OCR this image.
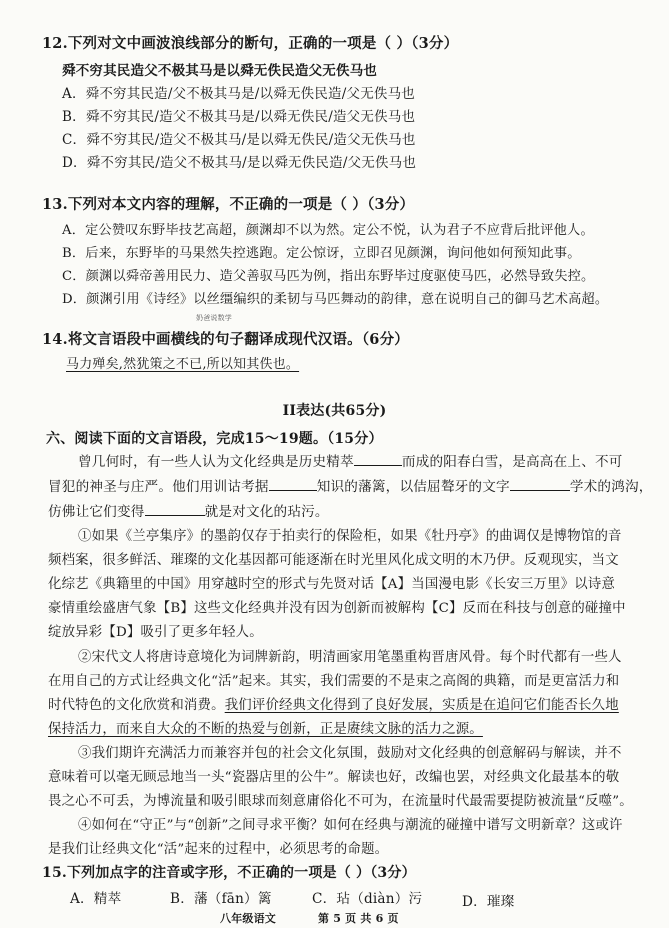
12.下列对文中画波浪线部分的断句，正确的一项是（ ）（3分）
舜不穷其民造父不极其马是以舜无佚民造父无佚马也
A．舜不穷其民造/父不极其马是/以舜无佚民造/父无佚马也
B．舜不穷其民/造父不极其马是/以舜无佚民/造父无佚马也
C．舜不穷其民/造父不极其马/是以舜无佚民/造父无佚马也
D．舜不穷其民/造父不极其马/是以舜无佚民造/父无佚马也
13.下列对本文内容的理解，不正确的一项是（ ）（3分）
A．定公赞叹东野毕技艺高超，颜渊却不以为然。定公不悦，认为君子不应背后批评他人。
B．后来，东野毕的马果然失控逃跑。定公惊讶，立即召见颜渊，询问他如何预知此事。
C．颜渊以舜帝善用民力、造父善驭马匹为例，指出东野毕过度驱使马匹，必然导致失控。
D．颜渊引用《诗经》以丝缰编织的柔韧与马匹舞动的韵律，意在说明自己的御马艺术高超。
奶爸说数学
14.将文言语段中画横线的句子翻译成现代汉语。（6分）
马力殚矣,然犹策之不已,所以知其佚也。
II表达(共65分)
六、阅读下面的文言语段，完成15～19题。（15分）
曾几何时，有一些人认为文化经典是历史精萃	而成的阳春白雪，是高高在上、不可
冒犯的神圣与庄严。他们用训诂考据	知识的藩篱，以佶屈聱牙的文字	学术的鸿沟，
仿佛让它们变得	就是对文化的玷污。
①如果《兰亭集序》的墨韵仅存于拍卖行的保险柜，如果《牡丹亭》的曲调仅是博物馆的音
频档案，很多鲜活、璀璨的文化基因都可能逐渐在时光里风化成文明的木乃伊。反观现实，当文
化综艺《典籍里的中国》用穿越时空的形式与先贤对话【A】当国漫电影《长安三万里》以诗意
豪情重绘盛唐气象【B】这些文化经典并没有因为创新而被解构【C】反而在科技与创意的碰撞中
绽放异彩【D】吸引了更多年轻人。
②宋代文人将唐诗意境化为词牌新韵，明清画家用笔墨重构晋唐风骨。每个时代都有一些人
在用自己的方式让经典文化“活”起来。其实，我们需要的不是束之高阁的典籍，而是更富活力和
时代特色的文化欣赏和消费。我们评价经典文化得到了良好发展，实质是在追问它们能否长久地
保持活力，而来自大众的不断的热爱与创新，正是赓续文脉的活力之源。
③我们期许充满活力而兼容并包的社会文化氛围，鼓励对文化经典的创意解码与解读，并不
意味着可以毫无顾忌地当一头“瓷器店里的公牛”。解读也好，改编也罢，对经典文化最基本的敬
畏之心不可丢，为博流量和吸引眼球而刻意庸俗化不可为，在流量时代最需要提防被流量“反噬”。
④如何在“守正”与“创新”之间寻求平衡？如何在经典与潮流的碰撞中谱写文明新章？这或许
是我们让经典文化“活”起来的过程中，必须思考的命题。
15.下列加点字的注音或字形，不正确的一项是（ ）（3分）
A．精萃	B．藩（fān）篱	C．玷（diàn）污	D．璀璨
八年级语文	第 5 页 共 6 页
